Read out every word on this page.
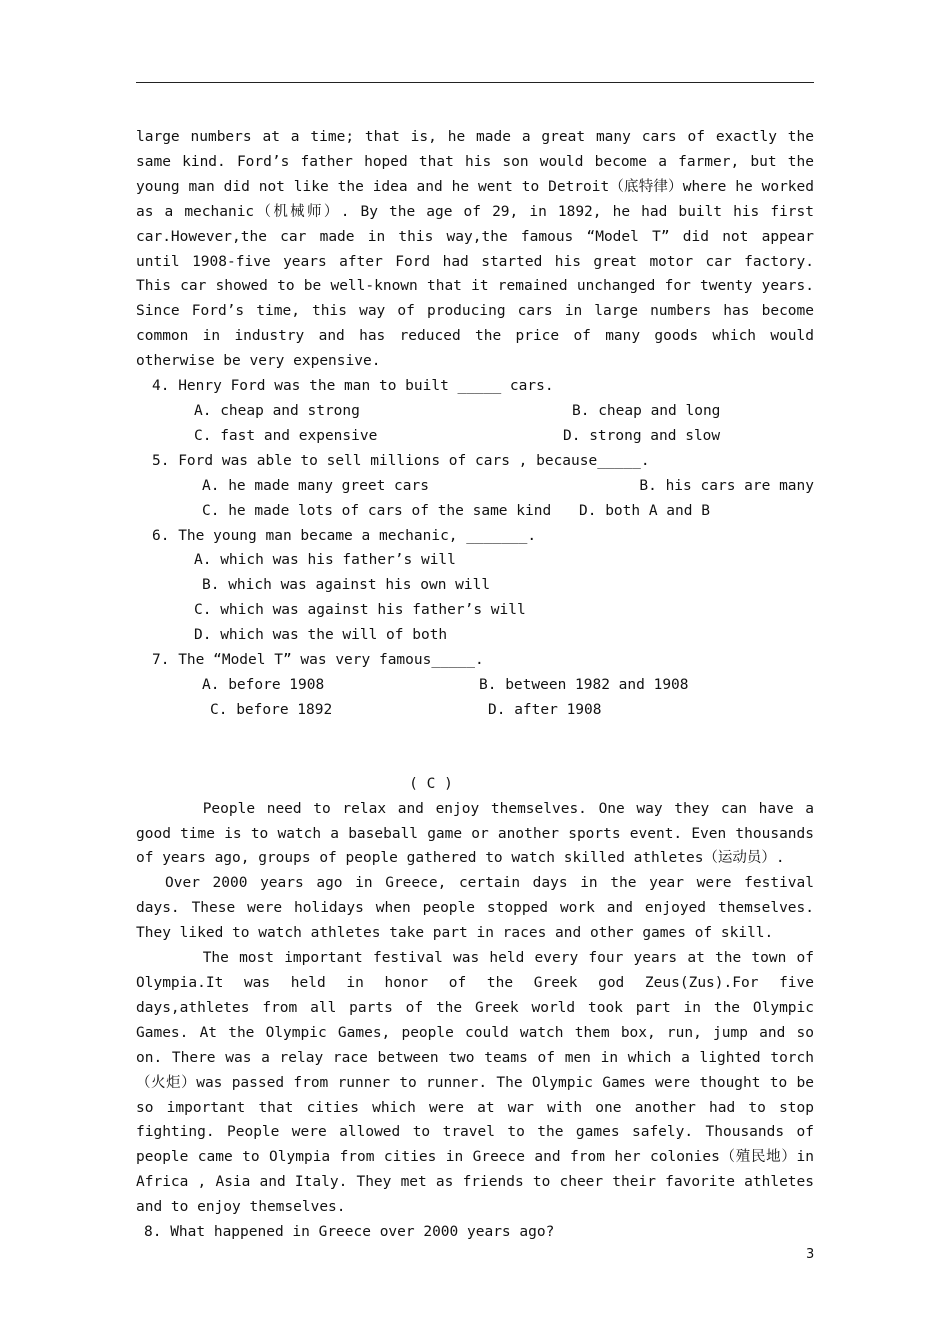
large numbers at a time; that is, he made a great many cars of exactly the same kind. Ford’s father hoped that his son would become a farmer, but the young man did not like the idea and he went to Detroit（底特律）where he worked as a mechanic（机械师）. By the age of 29, in 1892, he had built his first car.However,the car made in this way,the famous “Model T” did not appear until 1908-five years after Ford had started his great motor car factory. This car showed to be well-known that it remained unchanged for twenty years. Since Ford’s time, this way of producing cars in large numbers has become common in industry and has reduced the price of many goods which would otherwise be very expensive.

4. Henry Ford was the man to built _____ cars.

A. cheap and strong	B. cheap and long

C. fast and expensive	D. strong and slow

5. Ford was able to sell millions of cars , because_____.

A. he made many greet cars	B. his cars are many

C. he made lots of cars of the same kind	D. both A and B

6. The young man became a mechanic, _______.

A. which was his father’s will

B. which was against his own will

C. which was against his father’s will

D. which was the will of both

7. The “Model T” was very famous_____.

A. before 1908	B. between 1982 and 1908

C. before 1892	D. after 1908

( C )

People need to relax and enjoy themselves. One way they can have a good time is to watch a baseball game or another sports event. Even thousands of years ago, groups of people gathered to watch skilled athletes（运动员）.

Over 2000 years ago in Greece, certain days in the year were festival days. These were holidays when people stopped work and enjoyed themselves. They liked to watch athletes take part in races and other games of skill.

The most important festival was held every four years at the town of Olympia.It was held in honor of the Greek god Zeus(Zus).For five days,athletes from all parts of the Greek world took part in the Olympic Games. At the Olympic Games, people could watch them box, run, jump and so on. There was a relay race between two teams of men in which a lighted torch（火炬）was passed from runner to runner. The Olympic Games were thought to be so important that cities which were at war with one another had to stop fighting. People were allowed to travel to the games safely. Thousands of people came to Olympia from cities in Greece and from her colonies（殖民地）in Africa , Asia and Italy. They met as friends to cheer their favorite athletes and to enjoy themselves.

8. What happened in Greece over 2000 years ago?

3
